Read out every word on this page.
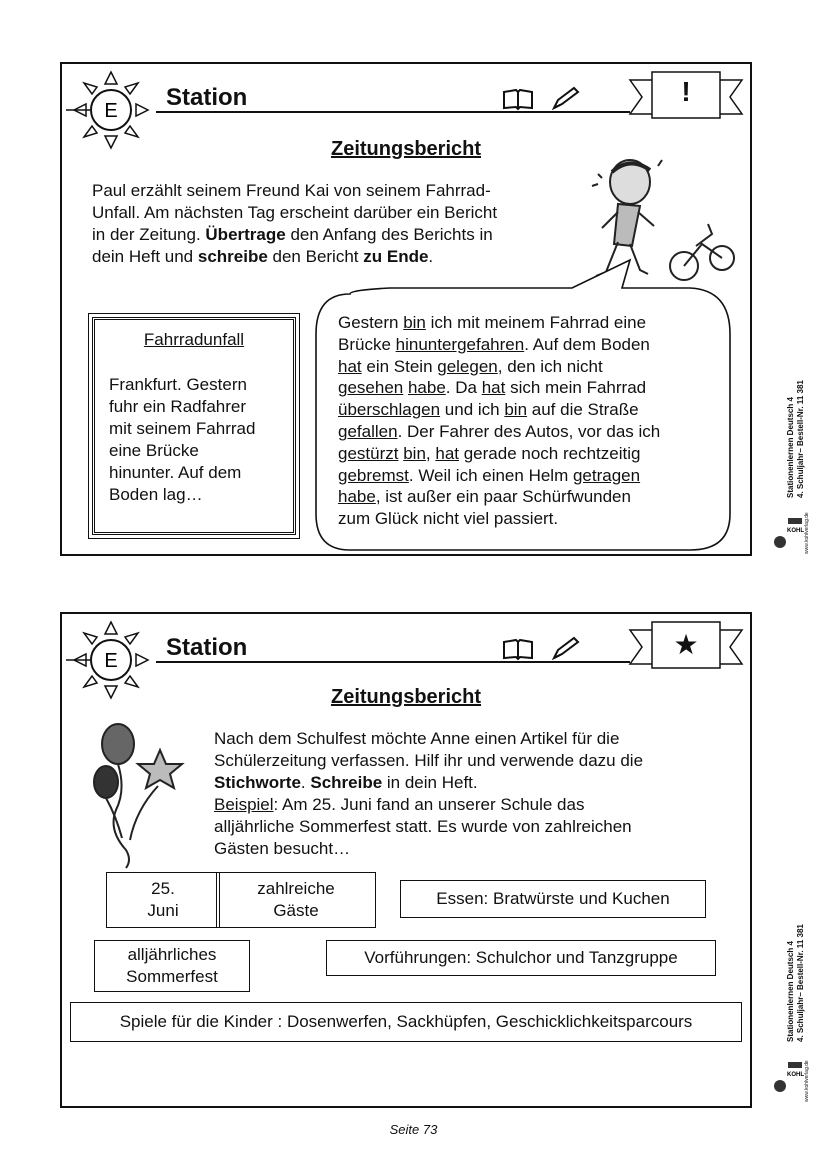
E Station	!
Zeitungsbericht
Paul erzählt seinem Freund Kai von seinem Fahrrad-
Unfall. Am nächsten Tag erscheint darüber ein Bericht
in der Zeitung. Übertrage den Anfang des Berichts in
dein Heft und schreibe den Bericht zu Ende.
Fahrradunfall
Frankfurt. Gestern
fuhr ein Radfahrer
mit seinem Fahrrad
eine Brücke
hinunter. Auf dem
Boden lag…
Gestern bin ich mit meinem Fahrrad eine
Brücke hinuntergefahren. Auf dem Boden
hat ein Stein gelegen, den ich nicht
gesehen habe. Da hat sich mein Fahrrad
überschlagen und ich bin auf die Straße
gefallen. Der Fahrer des Autos, vor das ich
gestürzt bin, hat gerade noch rechtzeitig
gebremst. Weil ich einen Helm getragen
habe, ist außer ein paar Schürfwunden
zum Glück nicht viel passiert.
E Station	★
Zeitungsbericht
Nach dem Schulfest möchte Anne einen Artikel für die
Schülerzeitung verfassen. Hilf ihr und verwende dazu die
Stichworte. Schreibe in dein Heft.
Beispiel: Am 25. Juni fand an unserer Schule das
alljährliche Sommerfest statt. Es wurde von zahlreichen
Gästen besucht…
25.
Juni
zahlreiche
Gäste
Essen: Bratwürste und Kuchen
alljährliches
Sommerfest
Vorführungen: Schulchor und Tanzgruppe
Spiele für die Kinder : Dosenwerfen, Sackhüpfen, Geschicklichkeitsparcours
Stationenlernen Deutsch 4 4. Schuljahr– Bestell-Nr. 11 381
KOHL www.kohlverlag.de
Stationenlernen Deutsch 4 4. Schuljahr– Bestell-Nr. 11 381
KOHL www.kohlverlag.de
Seite 73
